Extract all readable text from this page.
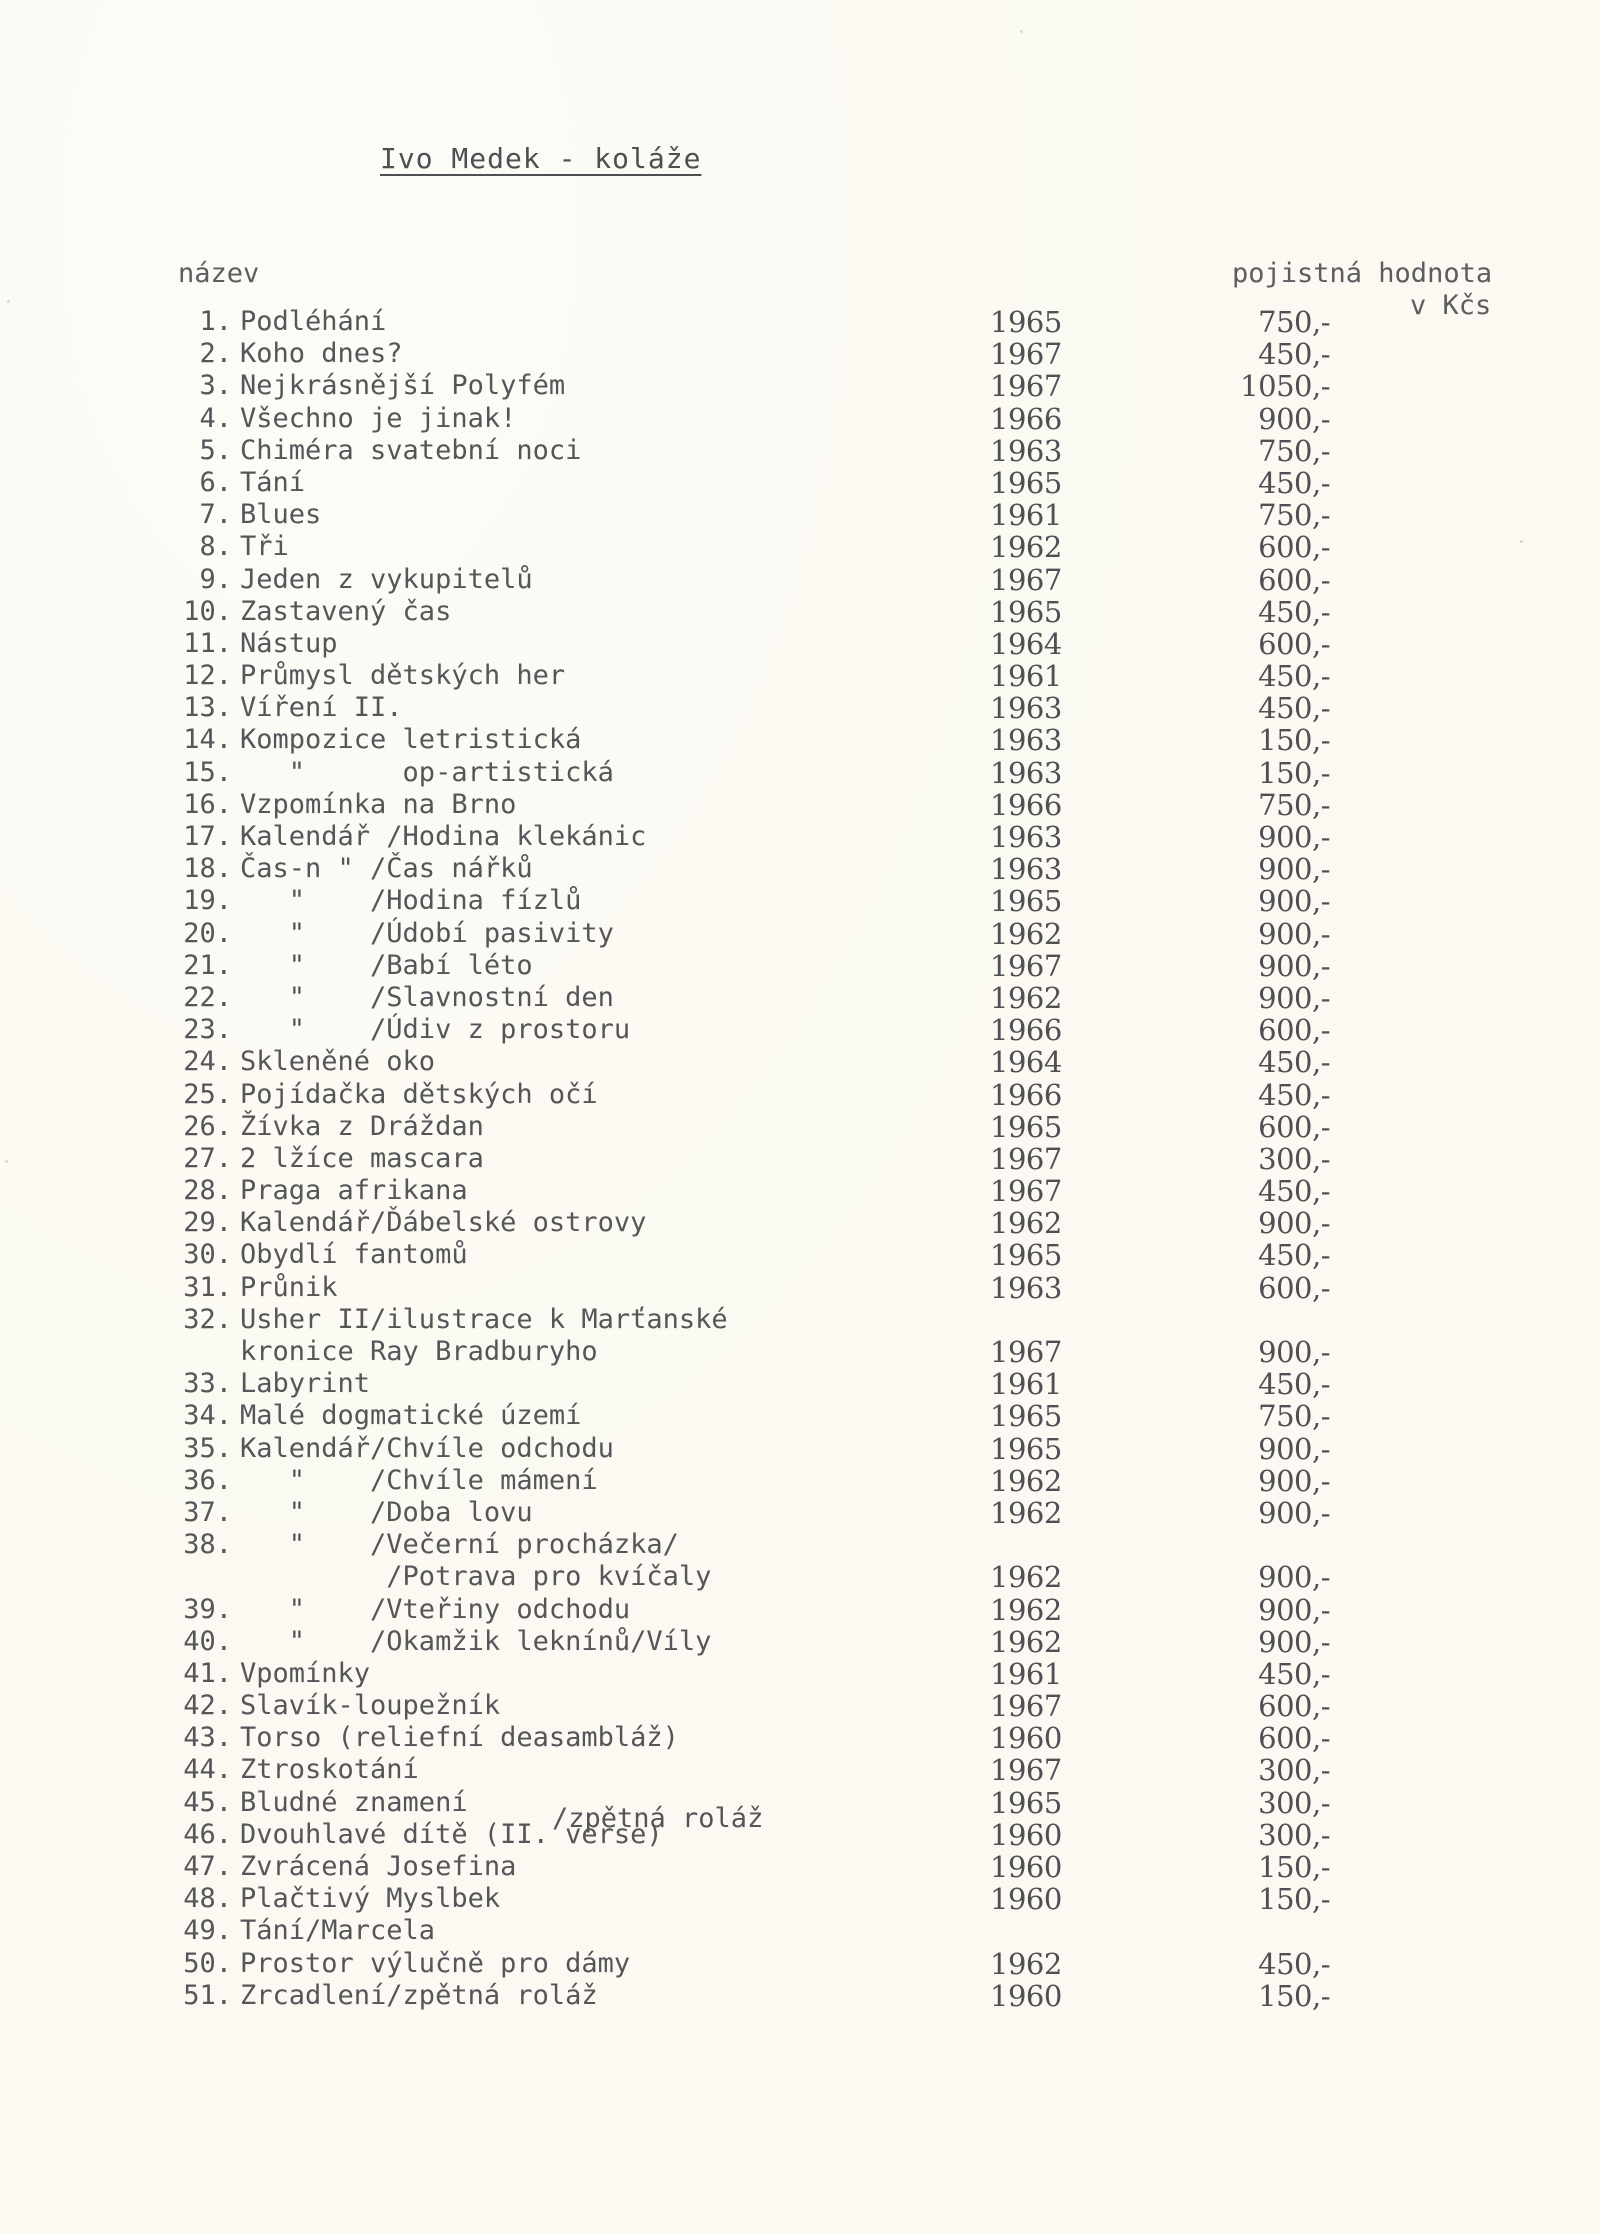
Ivo Medek - koláže
název	pojistná hodnota
v Kčs
1. Podléhání	1965	750,-
2. Koho dnes?	1967	450,-
3. Nejkrásnější Polyfém	1967	1050,-
4. Všechno je jinak!	1966	900,-
5. Chiméra svatební noci	1963	750,-
6. Tání	1965	450,-
7. Blues	1961	750,-
8. Tři	1962	600,-
9. Jeden z vykupitelů	1967	600,-
10. Zastavený čas	1965	450,-
11. Nástup	1964	600,-
12. Průmysl dětských her	1961	450,-
13. Víření II.	1963	450,-
14. Kompozice letristická	1963	150,-
15. "      op-artistická	1963	150,-
16. Vzpomínka na Brno	1966	750,-
17. Kalendář /Hodina klekánic	1963	900,-
18. Čas-n " /Čas nářků	1963	900,-
19. "    /Hodina fízlů	1965	900,-
20. "    /Údobí pasivity	1962	900,-
21. "    /Babí léto	1967	900,-
22. "    /Slavnostní den	1962	900,-
23. "    /Údiv z prostoru	1966	600,-
24. Skleněné oko	1964	450,-
25. Pojídačka dětských očí	1966	450,-
26. Žívka z Dráždan	1965	600,-
27. 2 lžíce mascara	1967	300,-
28. Praga afrikana	1967	450,-
29. Kalendář/Ďábelské ostrovy	1962	900,-
30. Obydlí fantomů	1965	450,-
31. Průnik	1963	600,-
32. Usher II/ilustrace k Marťanské
kronice Ray Bradburyho	1967	900,-
33. Labyrint	1961	450,-
34. Malé dogmatické území	1965	750,-
35. Kalendář/Chvíle odchodu	1965	900,-
36. "    /Chvíle mámení	1962	900,-
37. "    /Doba lovu	1962	900,-
38. "    /Večerní procházka/
/Potrava pro kvíčaly	1962	900,-
39. "    /Vteřiny odchodu	1962	900,-
40. "    /Okamžik leknínů/Víly	1962	900,-
41. Vpomínky	1961	450,-
42. Slavík-loupežník	1967	600,-
43. Torso (reliefní deasambláž)	1960	600,-
44. Ztroskotání	1967	300,-
45. Bludné znamení	1965	300,-
46. Dvouhlavé dítě (II. verse)	1960	300,-
/zpětná roláž
47. Zvrácená Josefina	1960	150,-
48. Plačtivý Myslbek	1960	150,-
49. Tání/Marcela
50. Prostor výlučně pro dámy	1962	450,-
51. Zrcadlení/zpětná roláž	1960	150,-
